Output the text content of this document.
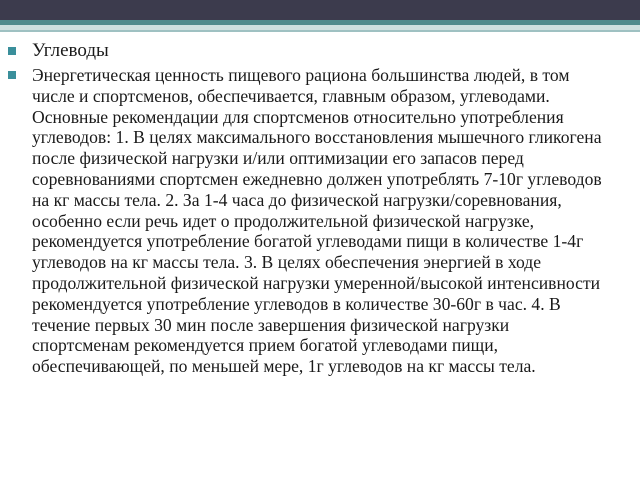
Углеводы
Энергетическая ценность пищевого рациона большинства людей, в том числе и спортсменов, обеспечивается, главным образом, углеводами. Основные рекомендации для спортсменов относительно употребления углеводов: 1. В целях максимального восстановления мышечного гликогена после физической нагрузки и/или оптимизации его запасов перед соревнованиями спортсмен ежедневно должен употреблять 7-10г углеводов на кг массы тела. 2. За 1-4 часа до физической нагрузки/соревнования, особенно если речь идет о продолжительной физической нагрузке, рекомендуется употребление богатой углеводами пищи в количестве 1-4г углеводов на кг массы тела. 3. В целях обеспечения энергией в ходе продолжительной физической нагрузки умеренной/высокой интенсивности рекомендуется употребление углеводов в количестве 30-60г в час. 4. В течение первых 30 мин после завершения физической нагрузки спортсменам рекомендуется прием богатой углеводами пищи, обеспечивающей, по меньшей мере, 1г углеводов на кг массы тела.
